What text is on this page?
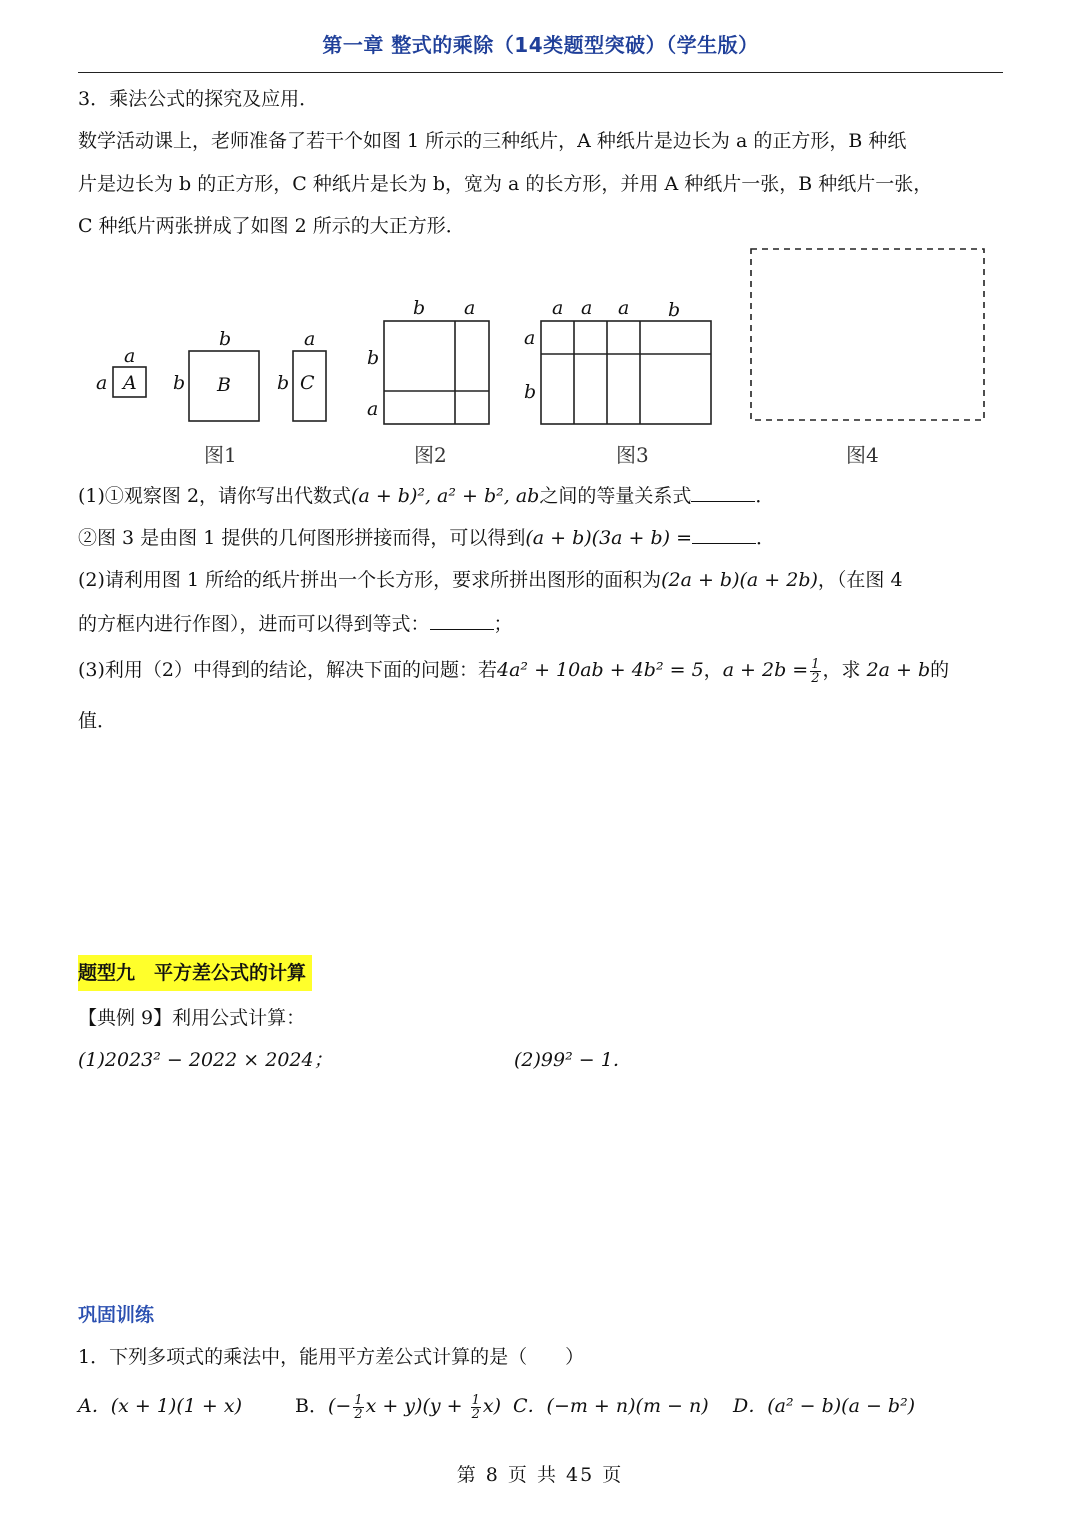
第一章 整式的乘除（14类题型突破）（学生版）
3．乘法公式的探究及应用．
数学活动课上，老师准备了若干个如图 1 所示的三种纸片，A 种纸片是边长为 a 的正方形，B 种纸
片是边长为 b 的正方形，C 种纸片是长为 b，宽为 a 的长方形，并用 A 种纸片一张，B 种纸片一张，
C 种纸片两张拼成了如图 2 所示的大正方形．
a
a A
b
b B
a
b C
b a
b
a
a a a b
a
b
图1	图2	图3	图4
(1)①观察图 2，请你写出代数式(a + b)², a² + b², ab之间的等量关系式	．
②图 3 是由图 1 提供的几何图形拼接而得，可以得到(a + b)(3a + b) =	．
(2)请利用图 1 所给的纸片拼出一个长方形，要求所拼出图形的面积为(2a + b)(a + 2b)，（在图 4
的方框内进行作图），进而可以得到等式：	；
(3)利用（2）中得到的结论，解决下面的问题：若4a² + 10ab + 4b² = 5，$a + 2b = \frac{1}{2}$ ，求 2a + b的
值．
题型九　平方差公式的计算
【典例 9】利用公式计算：
(1)2023² − 2022 × 2024；	(2)99² − 1．
巩固训练
1．下列多项式的乘法中，能用平方差公式计算的是（　　）
A．(x + 1)(1 + x)	B．(− $\frac{1}{2}$ $x + y)(y + \frac{1}{2} x)$ C．(−m + n)(m − n) D．(a² − b)(a − b²)
第 8 页 共 45 页
